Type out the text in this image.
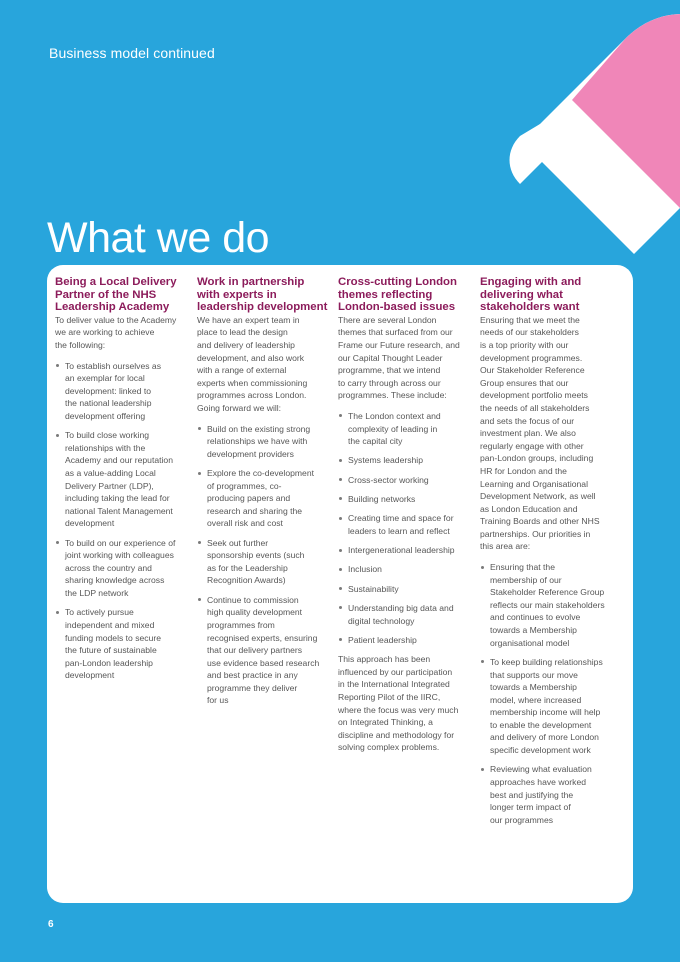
Business model continued
What we do
Being a Local Delivery
Partner of the NHS
Leadership Academy

To deliver value to the Academy
we are working to achieve
the following:

To establish ourselves as
an exemplar for local
development: linked to
the national leadership
development offering
To build close working
relationships with the
Academy and our reputation
as a value-adding Local
Delivery Partner (LDP),
including taking the lead for
national Talent Management
development
To build on our experience of
joint working with colleagues
across the country and
sharing knowledge across
the LDP network
To actively pursue
independent and mixed
funding models to secure
the future of sustainable
pan-London leadership
development
Work in partnership
with experts in
leadership development

We have an expert team in
place to lead the design
and delivery of leadership
development, and also work
with a range of external
experts when commissioning
programmes across London.
Going forward we will:

Build on the existing strong
relationships we have with
development providers
Explore the co-development
of programmes, co-
producing papers and
research and sharing the
overall risk and cost
Seek out further
sponsorship events (such
as for the Leadership
Recognition Awards)
Continue to commission
high quality development
programmes from
recognised experts, ensuring
that our delivery partners
use evidence based research
and best practice in any
programme they deliver
for us
Cross-cutting London
themes reflecting
London-based issues

There are several London
themes that surfaced from our
Frame our Future research, and
our Capital Thought Leader
programme, that we intend
to carry through across our
programmes. These include:

The London context and
complexity of leading in
the capital city
Systems leadership
Cross-sector working
Building networks
Creating time and space for
leaders to learn and reflect
Intergenerational leadership
Inclusion
Sustainability
Understanding big data and
digital technology
Patient leadership

This approach has been
influenced by our participation
in the International Integrated
Reporting Pilot of the IIRC,
where the focus was very much
on Integrated Thinking, a
discipline and methodology for
solving complex problems.

Engaging with and
delivering what
stakeholders want

Ensuring that we meet the
needs of our stakeholders
is a top priority with our
development programmes.
Our Stakeholder Reference
Group ensures that our
development portfolio meets
the needs of all stakeholders
and sets the focus of our
investment plan. We also
regularly engage with other
pan-London groups, including
HR for London and the
Learning and Organisational
Development Network, as well
as London Education and
Training Boards and other NHS
partnerships. Our priorities in
this area are:

Ensuring that the
membership of our
Stakeholder Reference Group
reflects our main stakeholders
and continues to evolve
towards a Membership
organisational model
To keep building relationships
that supports our move
towards a Membership
model, where increased
membership income will help
to enable the development
and delivery of more London
specific development work
Reviewing what evaluation
approaches have worked
best and justifying the
longer term impact of
our programmes
6
